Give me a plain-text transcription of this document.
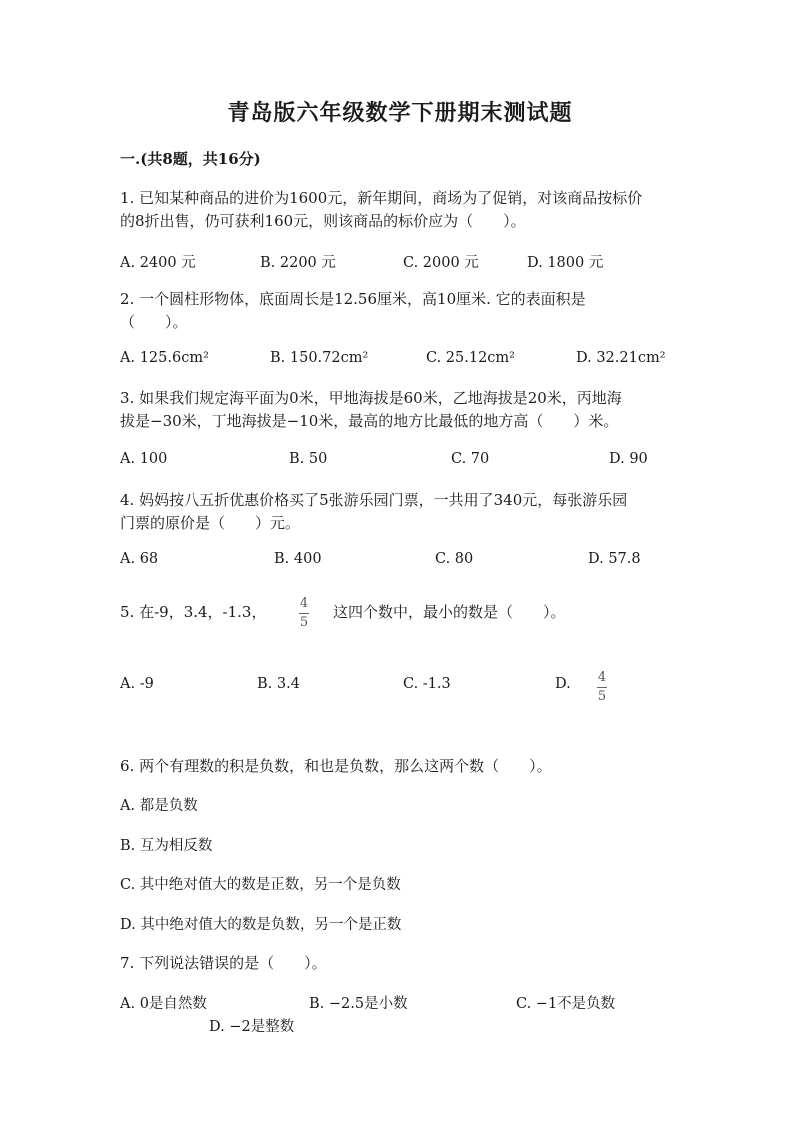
青岛版六年级数学下册期末测试题
一.(共8题，共16分)
1. 已知某种商品的进价为1600元，新年期间，商场为了促销，对该商品按标价
的8折出售，仍可获利160元，则该商品的标价应为（　　）。
A. 2400 元	B. 2200 元	C. 2000 元	D. 1800 元
2. 一个圆柱形物体，底面周长是12.56厘米，高10厘米. 它的表面积是
（　　）。
A. 125.6cm²	B. 150.72cm²	C. 25.12cm²	D. 32.21cm²
3. 如果我们规定海平面为0米，甲地海拔是60米，乙地海拔是20米，丙地海
拔是−30米，丁地海拔是−10米，最高的地方比最低的地方高（　　）米。
A. 100	B. 50	C. 70	D. 90
4. 妈妈按八五折优惠价格买了5张游乐园门票，一共用了340元，每张游乐园
门票的原价是（　　）元。
A. 68	B. 400	C. 80	D. 57.8
5. 在-9，3.4，-1.3，	4
5
这四个数中，最小的数是（　　）。
A. -9	B. 3.4	C. -1.3	D. 4
5
6. 两个有理数的积是负数，和也是负数，那么这两个数（　　）。
A. 都是负数
B. 互为相反数
C. 其中绝对值大的数是正数，另一个是负数
D. 其中绝对值大的数是负数，另一个是正数
7. 下列说法错误的是（　　）。
A. 0是自然数	B. −2.5是小数	C. −1不是负数
D. −2是整数
